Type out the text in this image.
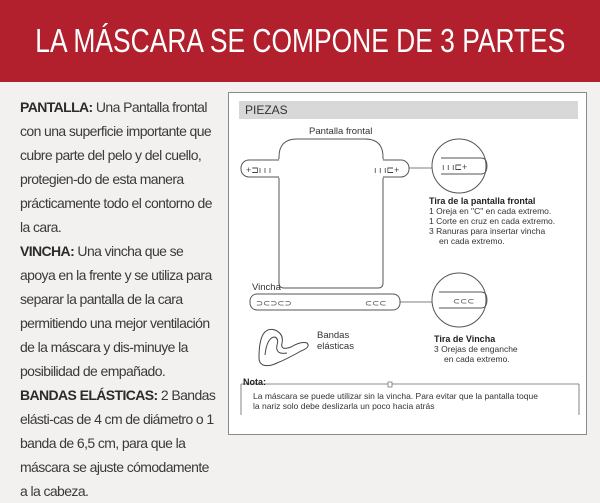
LA MÁSCARA SE COMPONE DE 3 PARTES
PANTALLA: Una Pantalla frontal con una superficie importante que cubre parte del pelo y del cuello, protegien-do de esta manera prácticamente todo el contorno de la cara.
VINCHA: Una vincha que se apoya en la frente y se utiliza para separar la pantalla de la cara permitiendo una mejor ventilación de la máscara y dis-minuye la posibilidad de empañado.
BANDAS ELÁSTICAS: 2 Bandas elásti-cas de 4 cm de diámetro o 1 banda de 6,5 cm, para que la máscara se ajuste cómodamente a la cabeza.
PIEZAS
Pantalla frontal
+⊐ı ı ı	ı ı ı⊏+	ı ı ı⊏+
Tira de la pantalla frontal
1 Oreja en "C" en cada extremo.
1 Corte en cruz en cada extremo.
3 Ranuras para insertar vincha
en cada extremo.
Vincha
⊃⊂⊃⊂⊃	⊂⊂⊂	⊂⊂⊂
Tira de Vincha
3 Orejas de enganche
en cada extremo.
Bandas
elásticas
Nota:
La máscara se puede utilizar sin la vincha. Para evitar que la pantalla toque
la nariz solo debe deslizarla un poco hacia atrás
